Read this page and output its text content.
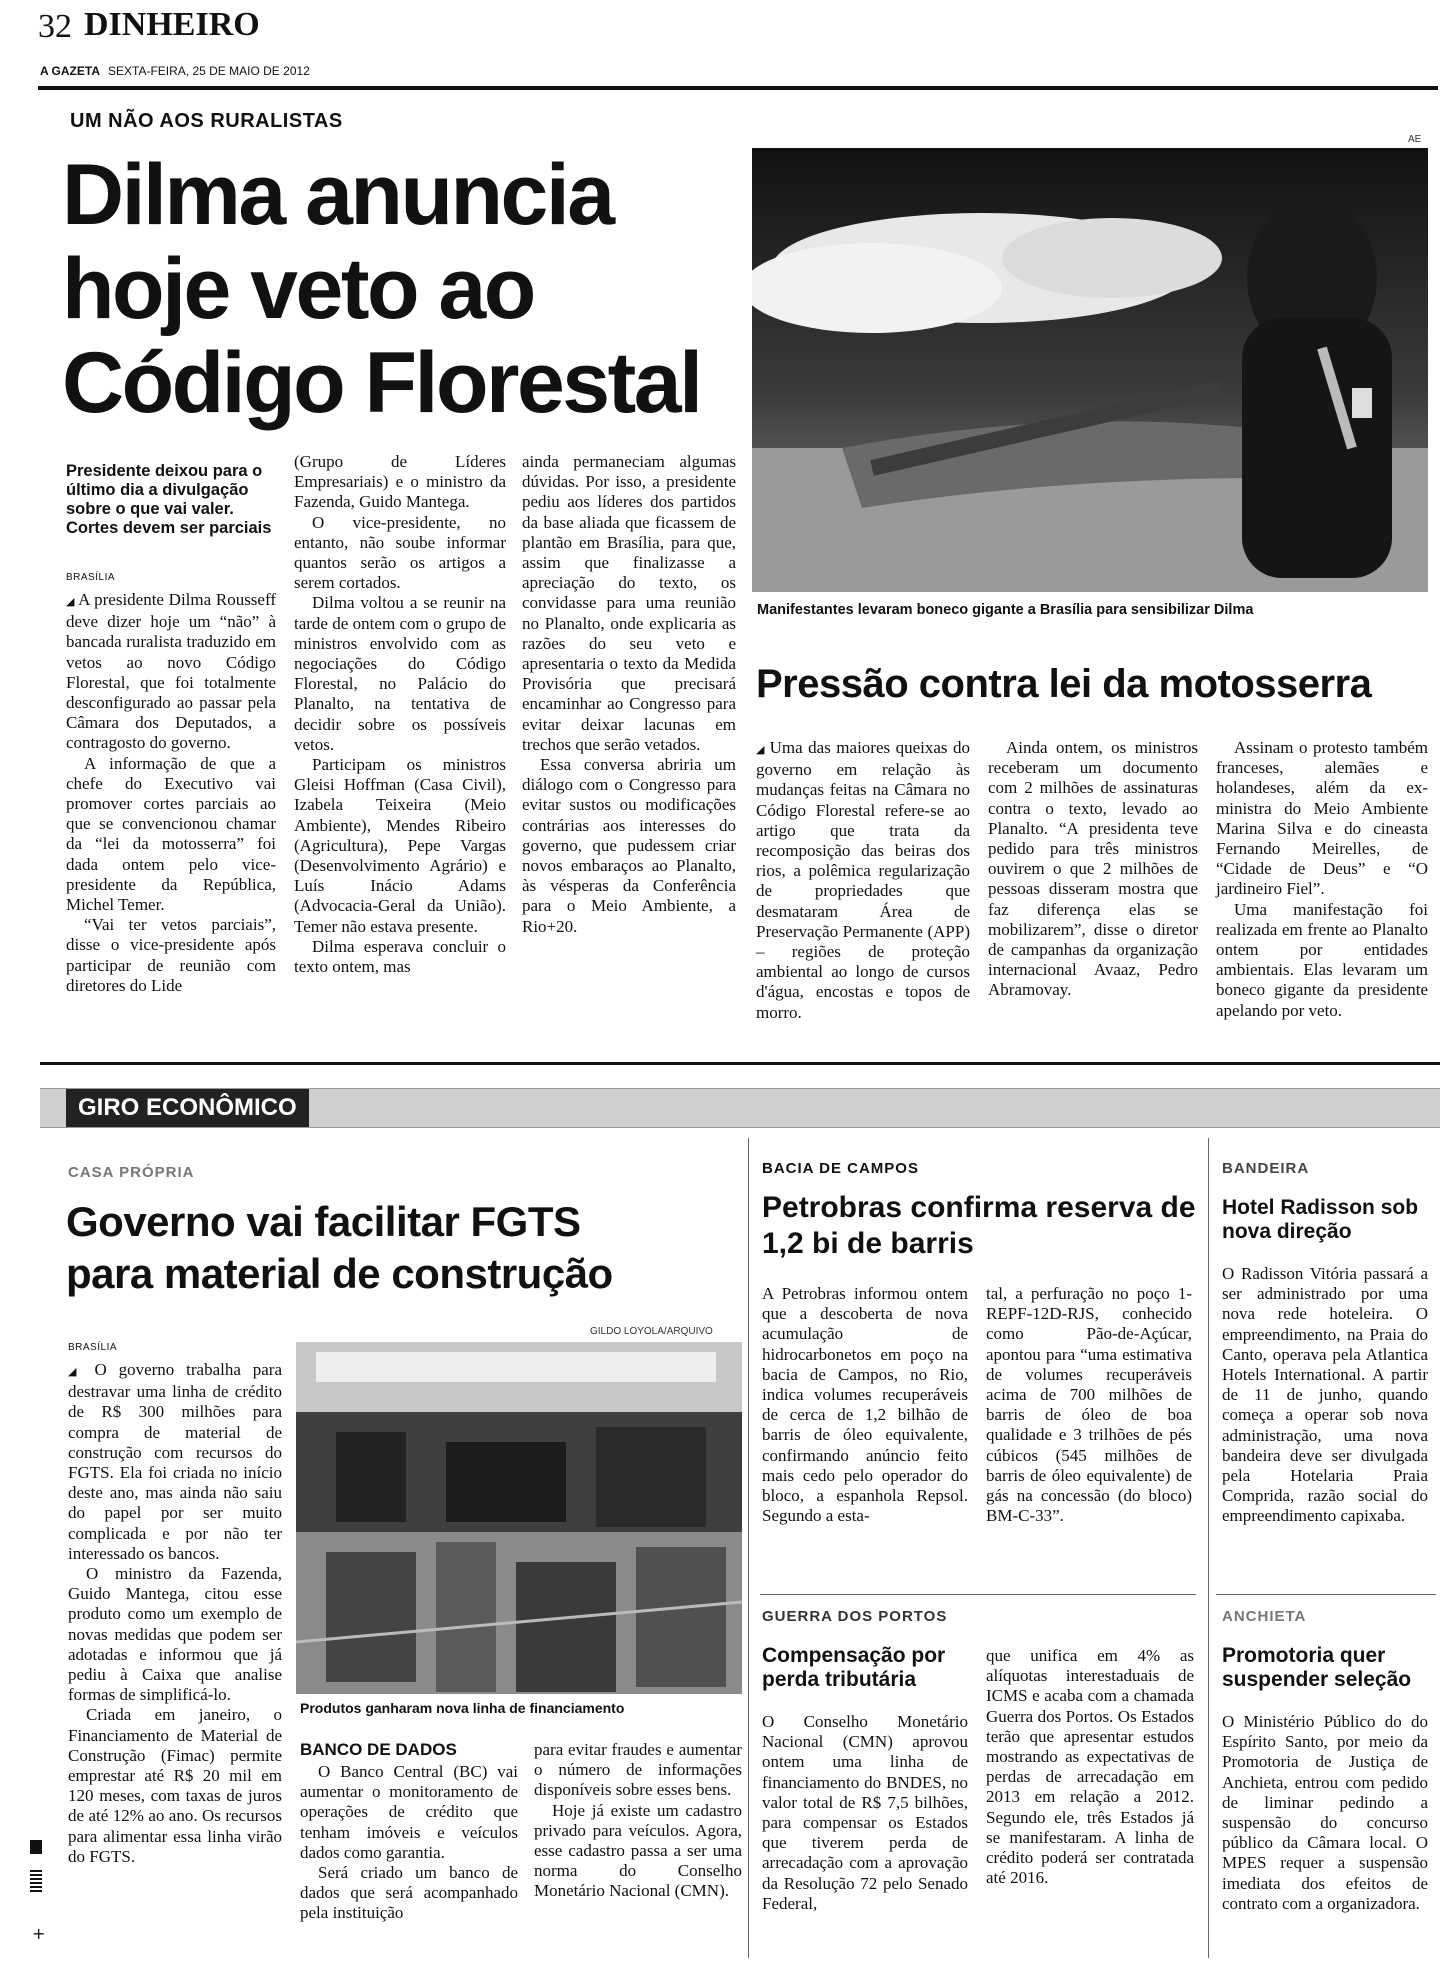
32 DINHEIRO
A GAZETA SEXTA-FEIRA, 25 DE MAIO DE 2012
UM NÃO AOS RURALISTAS
Dilma anuncia
hoje veto ao
Código Florestal
AE
Manifestantes levaram boneco gigante a Brasília para sensibilizar Dilma
Presidente deixou para o último dia a divulgação sobre o que vai valer. Cortes devem ser parciais
BRASÍLIA

◢ A presidente Dilma Rousseff deve dizer hoje um “não” à bancada ruralista traduzido em vetos ao novo Código Florestal, que foi totalmente desconfigurado ao passar pela Câmara dos Deputados, a contragosto do governo.

A informação de que a chefe do Executivo vai promover cortes parciais ao que se convencionou chamar da “lei da motosserra” foi dada ontem pelo vice-presidente da República, Michel Temer.

“Vai ter vetos parciais”, disse o vice-presidente após participar de reunião com diretores do Lide

(Grupo de Líderes Empresariais) e o ministro da Fazenda, Guido Mantega.

O vice-presidente, no entanto, não soube informar quantos serão os artigos a serem cortados.

Dilma voltou a se reunir na tarde de ontem com o grupo de ministros envolvido com as negociações do Código Florestal, no Palácio do Planalto, na tentativa de decidir sobre os possíveis vetos.

Participam os ministros Gleisi Hoffman (Casa Civil), Izabela Teixeira (Meio Ambiente), Mendes Ribeiro (Agricultura), Pepe Vargas (Desenvolvimento Agrário) e Luís Inácio Adams (Advocacia-Geral da União). Temer não estava presente.

Dilma esperava concluir o texto ontem, mas

ainda permaneciam algumas dúvidas. Por isso, a presidente pediu aos líderes dos partidos da base aliada que ficassem de plantão em Brasília, para que, assim que finalizasse a apreciação do texto, os convidasse para uma reunião no Planalto, onde explicaria as razões do seu veto e apresentaria o texto da Medida Provisória que precisará encaminhar ao Congresso para evitar deixar lacunas em trechos que serão vetados.

Essa conversa abriria um diálogo com o Congresso para evitar sustos ou modificações contrárias aos interesses do governo, que pudessem criar novos embaraços ao Planalto, às vésperas da Conferência para o Meio Ambiente, a Rio+20.

Pressão contra lei da motosserra

◢ Uma das maiores queixas do governo em relação às mudanças feitas na Câmara no Código Florestal refere-se ao artigo que trata da recomposição das beiras dos rios, a polêmica regularização de propriedades que desmataram Área de Preservação Permanente (APP) – regiões de proteção ambiental ao longo de cursos d'água, encostas e topos de morro.

Ainda ontem, os ministros receberam um documento com 2 milhões de assinaturas contra o texto, levado ao Planalto. “A presidenta teve pedido para três ministros ouvirem o que 2 milhões de pessoas disseram mostra que faz diferença elas se mobilizarem”, disse o diretor de campanhas da organização internacional Avaaz, Pedro Abramovay.

Assinam o protesto também franceses, alemães e holandeses, além da ex-ministra do Meio Ambiente Marina Silva e do cineasta Fernando Meirelles, de “Cidade de Deus” e “O jardineiro Fiel”.

Uma manifestação foi realizada em frente ao Planalto ontem por entidades ambientais. Elas levaram um boneco gigante da presidente apelando por veto.

GIRO ECONÔMICO
CASA PRÓPRIA
Governo vai facilitar FGTS
para material de construção
BRASÍLIA
GILDO LOYOLA/ARQUIVO
Produtos ganharam nova linha de financiamento

◢ O governo trabalha para destravar uma linha de crédito de R$ 300 milhões para compra de material de construção com recursos do FGTS. Ela foi criada no início deste ano, mas ainda não saiu do papel por ser muito complicada e por não ter interessado os bancos.

O ministro da Fazenda, Guido Mantega, citou esse produto como um exemplo de novas medidas que podem ser adotadas e informou que já pediu à Caixa que analise formas de simplificá-lo.

Criada em janeiro, o Financiamento de Material de Construção (Fimac) permite emprestar até R$ 20 mil em 120 meses, com taxas de juros de até 12% ao ano. Os recursos para alimentar essa linha virão do FGTS.

BANCO DE DADOS

O Banco Central (BC) vai aumentar o monitoramento de operações de crédito que tenham imóveis e veículos dados como garantia.

Será criado um banco de dados que será acompanhado pela instituição

para evitar fraudes e aumentar o número de informações disponíveis sobre esses bens.

Hoje já existe um cadastro privado para veículos. Agora, esse cadastro passa a ser uma norma do Conselho Monetário Nacional (CMN).

BACIA DE CAMPOS
Petrobras confirma reserva de 1,2 bi de barris

A Petrobras informou ontem que a descoberta de nova acumulação de hidrocarbonetos em poço na bacia de Campos, no Rio, indica volumes recuperáveis de cerca de 1,2 bilhão de barris de óleo equivalente, confirmando anúncio feito mais cedo pelo operador do bloco, a espanhola Repsol. Segundo a esta-

tal, a perfuração no poço 1-REPF-12D-RJS, conhecido como Pão-de-Açúcar, apontou para “uma estimativa de volumes recuperáveis acima de 700 milhões de barris de óleo de boa qualidade e 3 trilhões de pés cúbicos (545 milhões de barris de óleo equivalente) de gás na concessão (do bloco) BM-C-33”.

GUERRA DOS PORTOS
Compensação por perda tributária

O Conselho Monetário Nacional (CMN) aprovou ontem uma linha de financiamento do BNDES, no valor total de R$ 7,5 bilhões, para compensar os Estados que tiverem perda de arrecadação com a aprovação da Resolução 72 pelo Senado Federal,

que unifica em 4% as alíquotas interestaduais de ICMS e acaba com a chamada Guerra dos Portos. Os Estados terão que apresentar estudos mostrando as expectativas de perdas de arrecadação em 2013 em relação a 2012. Segundo ele, três Estados já se manifestaram. A linha de crédito poderá ser contratada até 2016.

BANDEIRA
Hotel Radisson sob nova direção

O Radisson Vitória passará a ser administrado por uma nova rede hoteleira. O empreendimento, na Praia do Canto, operava pela Atlantica Hotels International. A partir de 11 de junho, quando começa a operar sob nova administração, uma nova bandeira deve ser divulgada pela Hotelaria Praia Comprida, razão social do empreendimento capixaba.

ANCHIETA
Promotoria quer suspender seleção

O Ministério Público do do Espírito Santo, por meio da Promotoria de Justiça de Anchieta, entrou com pedido de liminar pedindo a suspensão do concurso público da Câmara local. O MPES requer a suspensão imediata dos efeitos de contrato com a organizadora.

+
